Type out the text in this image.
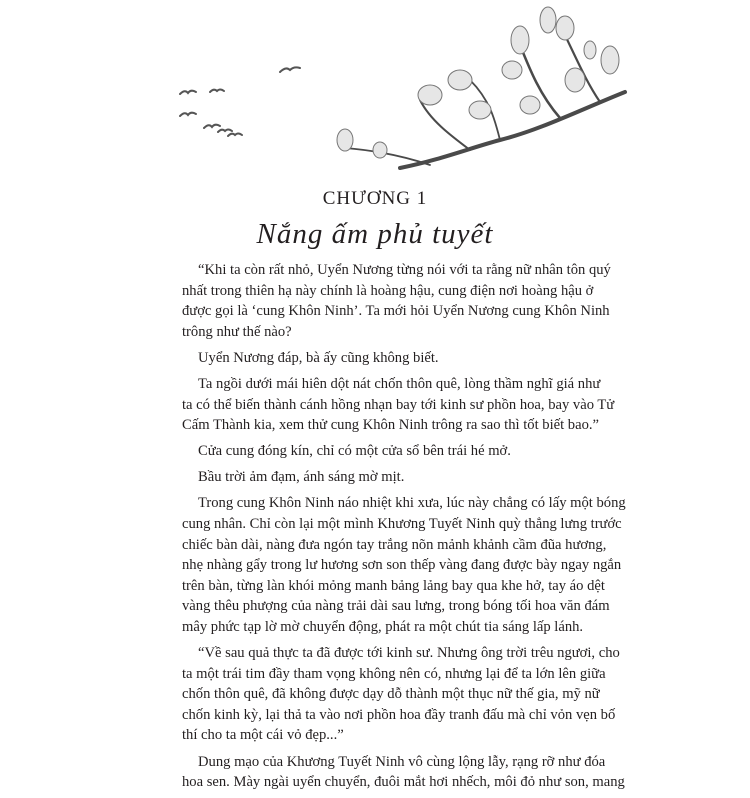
CHƯƠNG 1
Nắng ấm phủ tuyết
“Khi ta còn rất nhỏ, Uyển Nương từng nói với ta rằng nữ nhân tôn quý
nhất trong thiên hạ này chính là hoàng hậu, cung điện nơi hoàng hậu ở
được gọi là ‘cung Khôn Ninh’. Ta mới hỏi Uyển Nương cung Khôn Ninh
trông như thế nào?
Uyển Nương đáp, bà ấy cũng không biết.
Ta ngồi dưới mái hiên dột nát chốn thôn quê, lòng thầm nghĩ giá như
ta có thể biến thành cánh hồng nhạn bay tới kinh sư phồn hoa, bay vào Tử
Cấm Thành kia, xem thử cung Khôn Ninh trông ra sao thì tốt biết bao.”
Cửa cung đóng kín, chỉ có một cửa sổ bên trái hé mở.
Bầu trời ảm đạm, ánh sáng mờ mịt.
Trong cung Khôn Ninh náo nhiệt khi xưa, lúc này chẳng có lấy một bóng
cung nhân. Chỉ còn lại một mình Khương Tuyết Ninh quỳ thẳng lưng trước
chiếc bàn dài, nàng đưa ngón tay trắng nõn mảnh khảnh cầm đũa hương,
nhẹ nhàng gẩy trong lư hương sơn son thếp vàng đang được bày ngay ngắn
trên bàn, từng làn khói mỏng manh bảng lảng bay qua khe hở, tay áo dệt
vàng thêu phượng của nàng trải dài sau lưng, trong bóng tối hoa văn đám
mây phức tạp lờ mờ chuyển động, phát ra một chút tia sáng lấp lánh.
“Về sau quả thực ta đã được tới kinh sư. Nhưng ông trời trêu ngươi, cho
ta một trái tim đầy tham vọng không nên có, nhưng lại để ta lớn lên giữa
chốn thôn quê, đã không được dạy dỗ thành một thục nữ thế gia, mỹ nữ
chốn kinh kỳ, lại thả ta vào nơi phồn hoa đầy tranh đấu mà chỉ vỏn vẹn bố
thí cho ta một cái vỏ đẹp...”
Dung mạo của Khương Tuyết Ninh vô cùng lộng lẫy, rạng rỡ như đóa
hoa sen. Mày ngài uyển chuyển, đuôi mắt hơi nhếch, môi đỏ như son, mang
